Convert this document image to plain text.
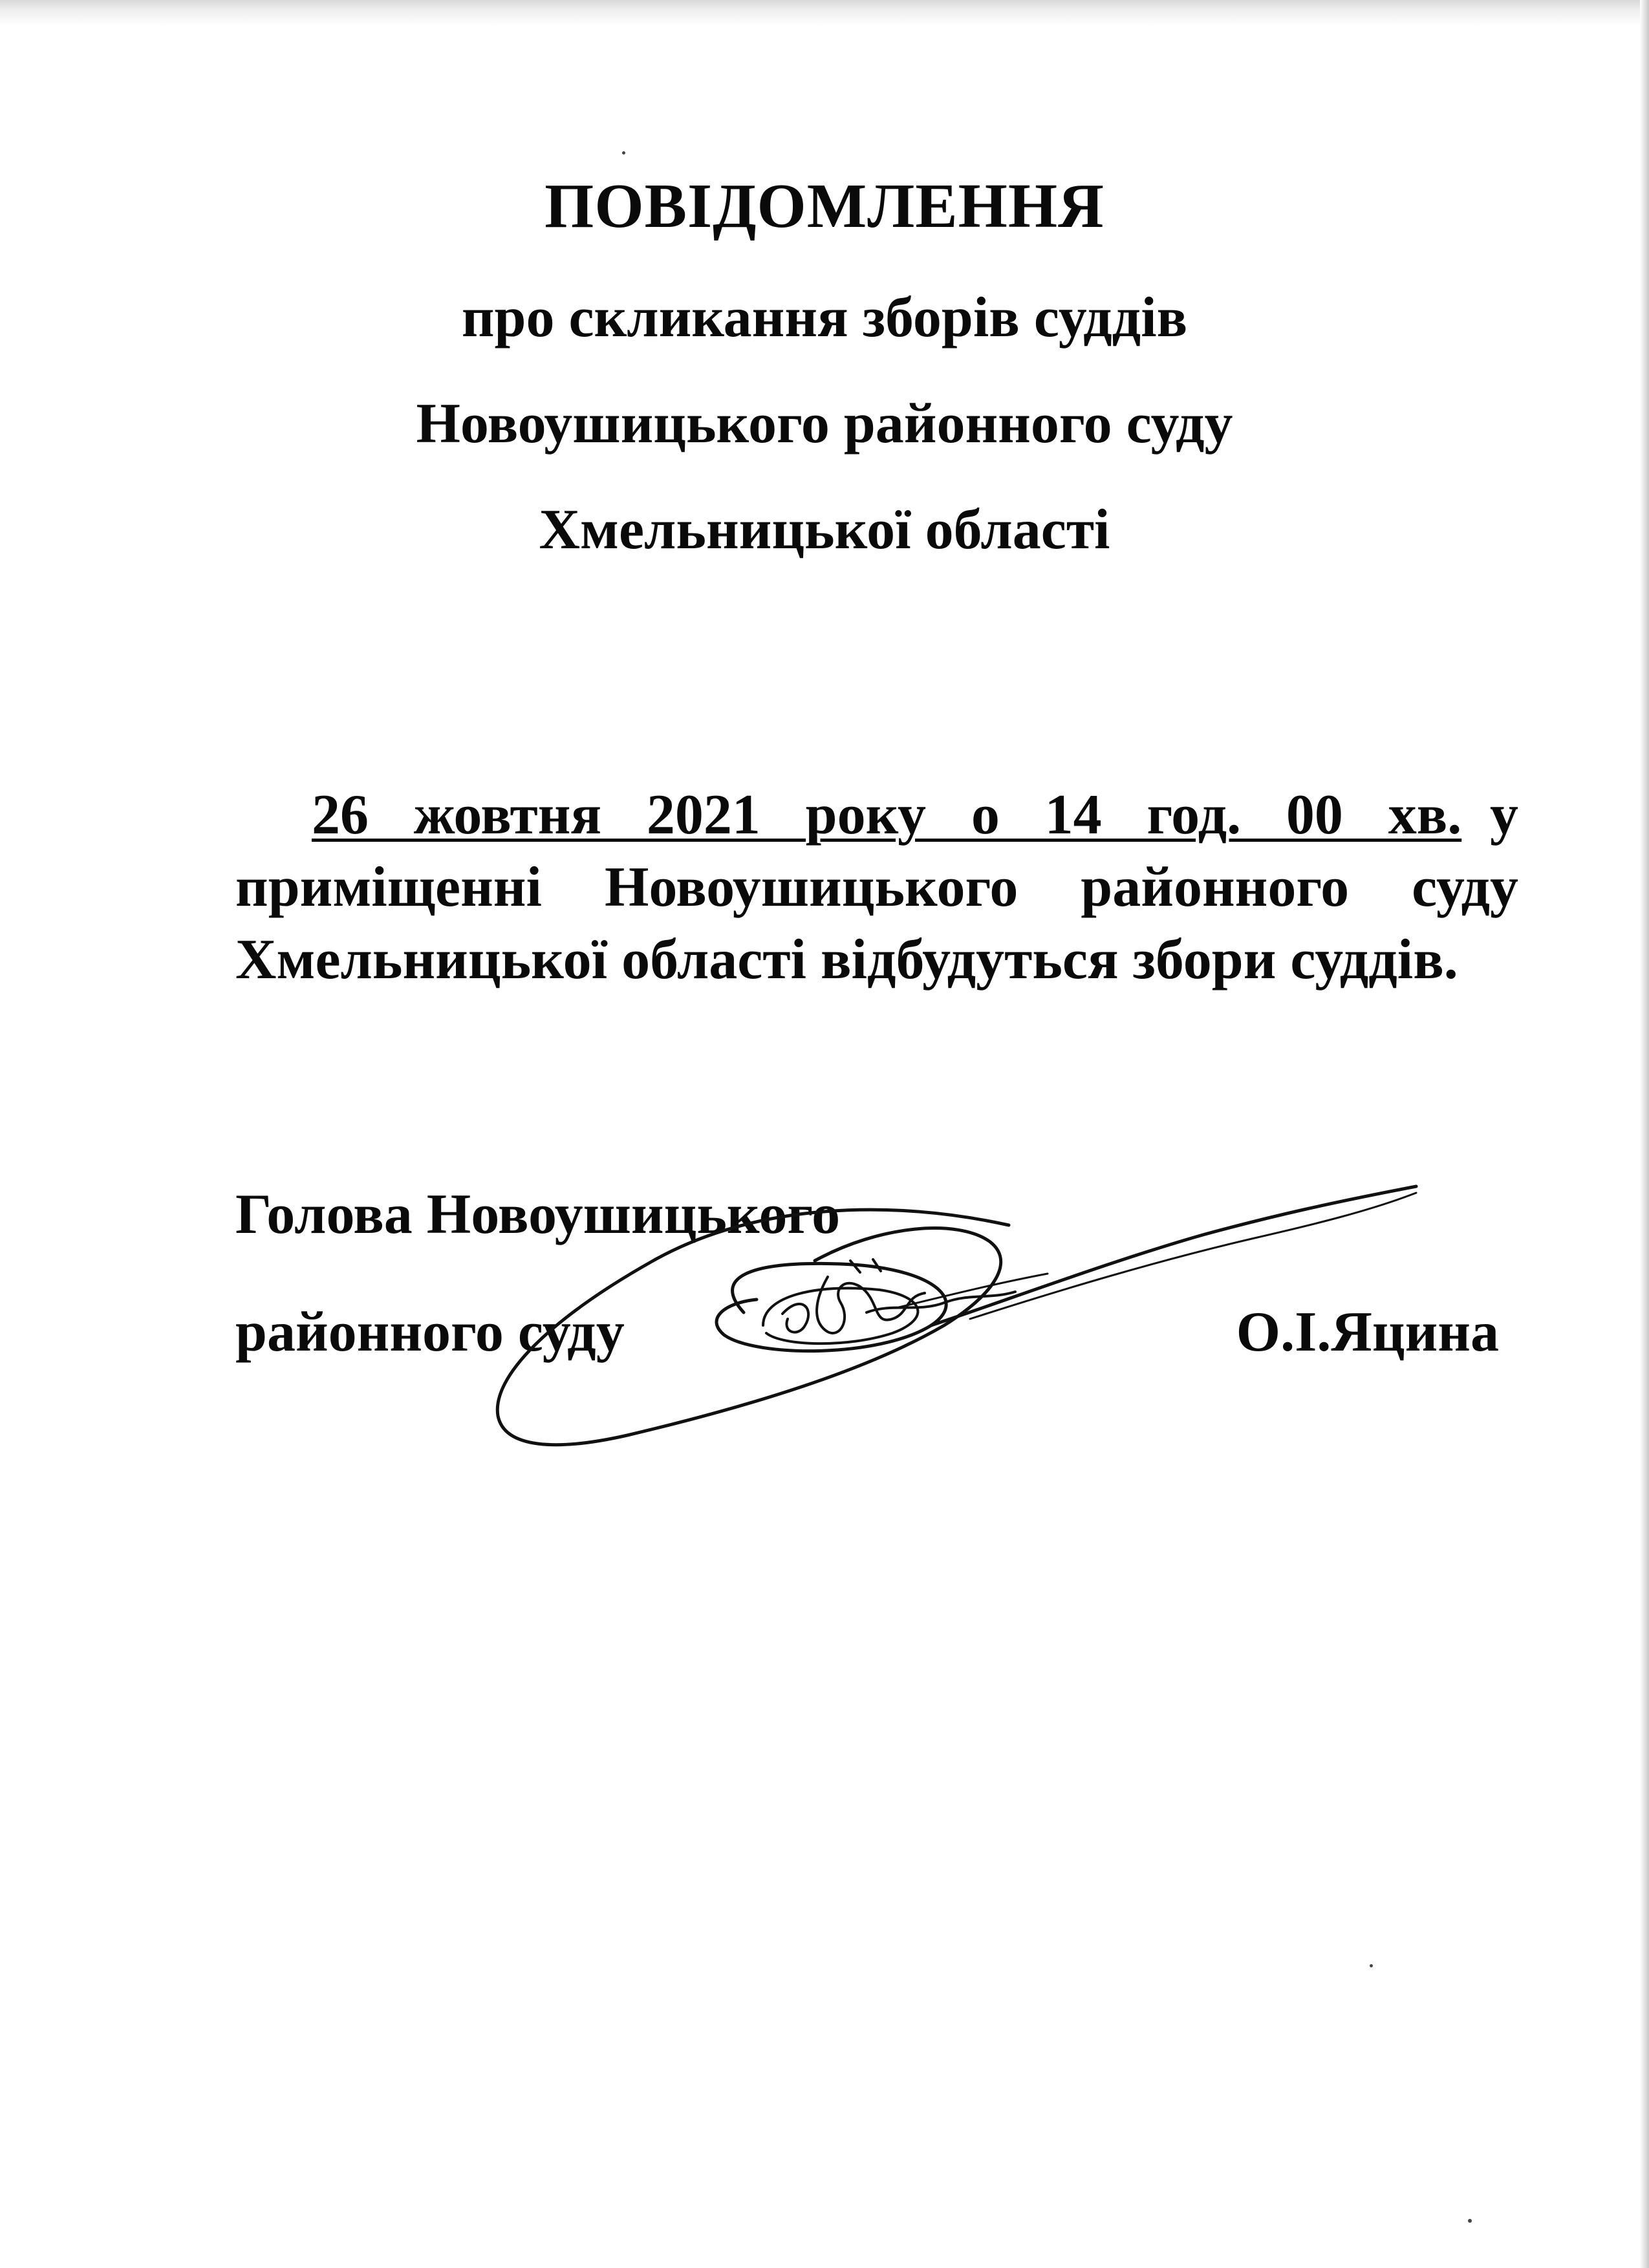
ПОВІДОМЛЕННЯ
про скликання зборів суддів
Новоушицького районного суду
Хмельницької області

26 жовтня 2021 року о 14 год. 00 хв. у приміщенні Новоушицького районного суду Хмельницької області відбудуться збори суддів.

Голова Новоушицького

районного суду	О.І.Яцина
